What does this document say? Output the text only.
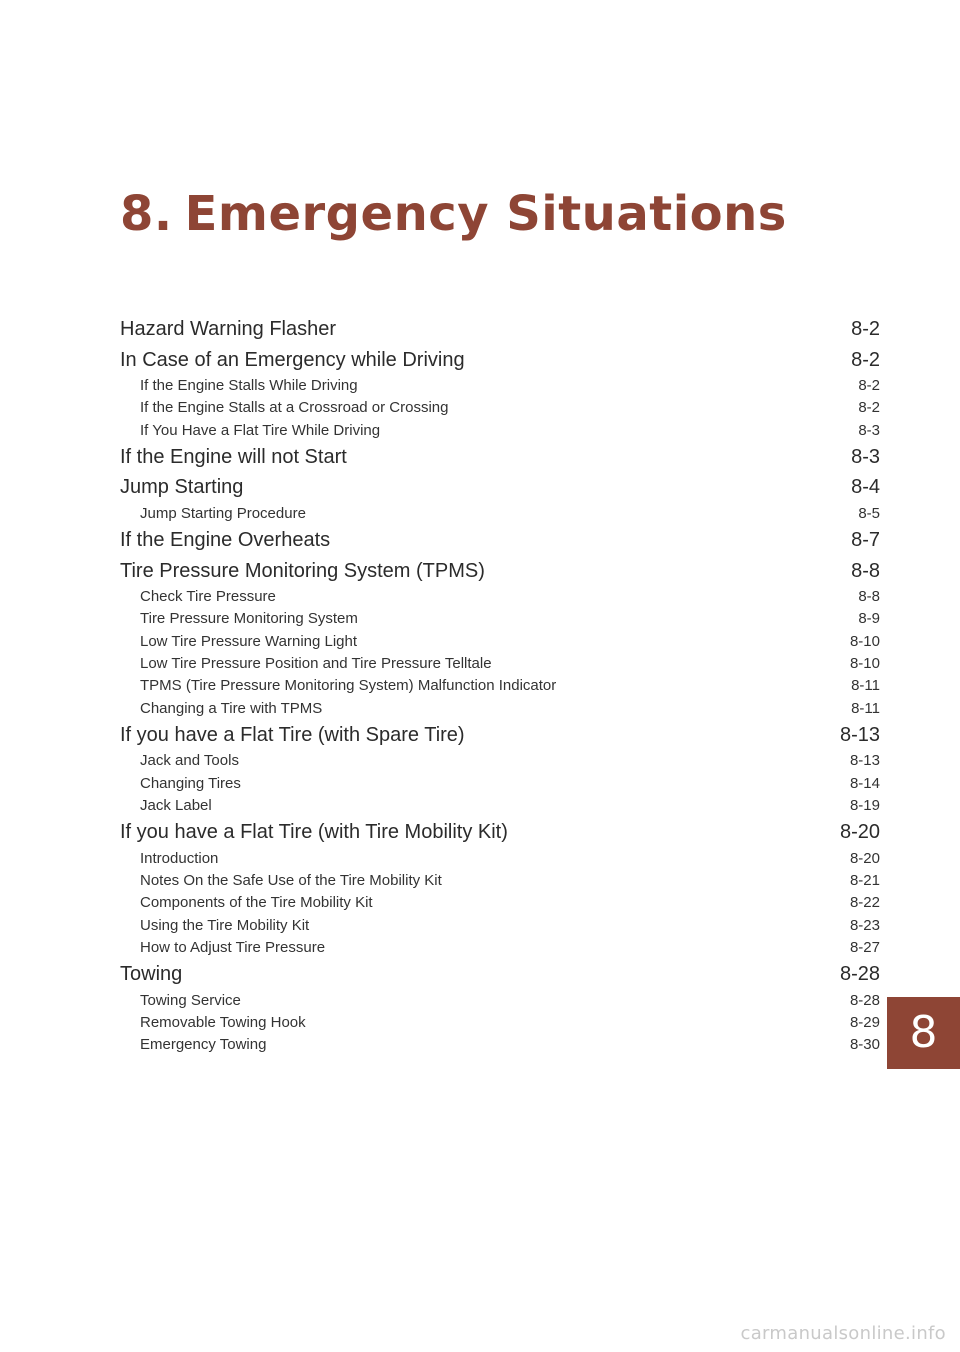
8. Emergency Situations
Hazard Warning Flasher	8-2
In Case of an Emergency while Driving	8-2
If the Engine Stalls While Driving	8-2
If the Engine Stalls at a Crossroad or Crossing	8-2
If You Have a Flat Tire While Driving	8-3
If the Engine will not Start	8-3
Jump Starting	8-4
Jump Starting Procedure	8-5
If the Engine Overheats	8-7
Tire Pressure Monitoring System (TPMS)	8-8
Check Tire Pressure	8-8
Tire Pressure Monitoring System	8-9
Low Tire Pressure Warning Light	8-10
Low Tire Pressure Position and Tire Pressure Telltale	8-10
TPMS (Tire Pressure Monitoring System) Malfunction Indicator	8-11
Changing a Tire with TPMS	8-11
If you have a Flat Tire (with Spare Tire)	8-13
Jack and Tools	8-13
Changing Tires	8-14
Jack Label	8-19
If you have a Flat Tire (with Tire Mobility Kit)	8-20
Introduction	8-20
Notes On the Safe Use of the Tire Mobility Kit	8-21
Components of the Tire Mobility Kit	8-22
Using the Tire Mobility Kit	8-23
How to Adjust Tire Pressure	8-27
Towing	8-28
Towing Service	8-28
Removable Towing Hook	8-29
Emergency Towing	8-30 8
carmanualsonline.info
